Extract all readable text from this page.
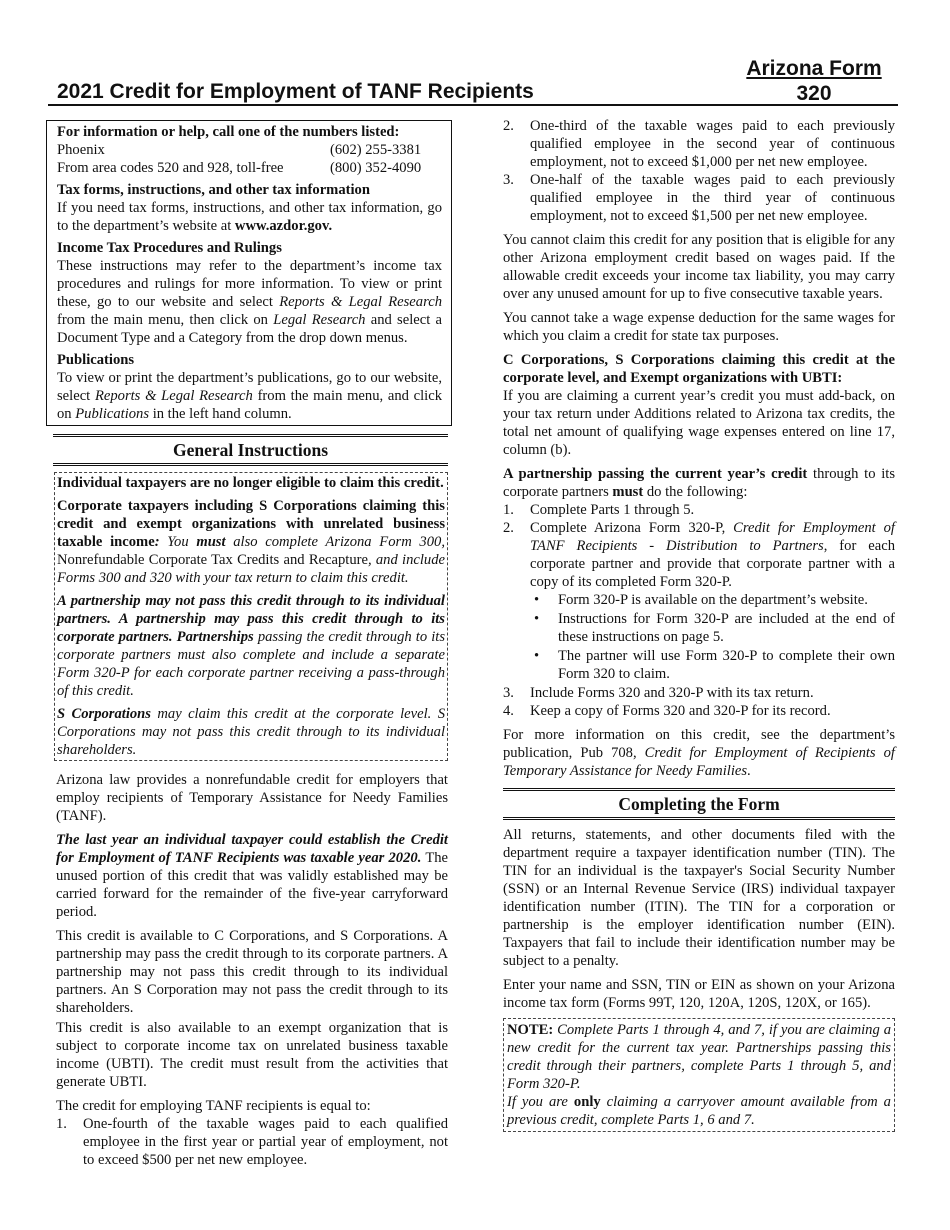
Arizona Form
320
2021 Credit for Employment of TANF Recipients

For information or help, call one of the numbers listed:

Phoenix	(602) 255-3381
From area codes 520 and 928, toll-free	(800) 352-4090

Tax forms, instructions, and other tax information

If you need tax forms, instructions, and other tax information, go to the department’s website at www.azdor.gov.

Income Tax Procedures and Rulings

These instructions may refer to the department’s income tax procedures and rulings for more information. To view or print these, go to our website and select Reports & Legal Research from the main menu, then click on Legal Research and select a Document Type and a Category from the drop down menus.

Publications

To view or print the department’s publications, go to our website, select Reports & Legal Research from the main menu, and click on Publications in the left hand column.

General Instructions

Individual taxpayers are no longer eligible to claim this credit.

Corporate taxpayers including S Corporations claiming this credit and exempt organizations with unrelated business taxable income: You must also complete Arizona Form 300, Nonrefundable Corporate Tax Credits and Recapture, and include Forms 300 and 320 with your tax return to claim this credit.

A partnership may not pass this credit through to its individual partners. A partnership may pass this credit through to its corporate partners. Partnerships passing the credit through to its corporate partners must also complete and include a separate Form 320-P for each corporate partner receiving a pass-through of this credit.

S Corporations may claim this credit at the corporate level. S Corporations may not pass this credit through to its individual shareholders.

Arizona law provides a nonrefundable credit for employers that employ recipients of Temporary Assistance for Needy Families (TANF).

The last year an individual taxpayer could establish the Credit for Employment of TANF Recipients was taxable year 2020. The unused portion of this credit that was validly established may be carried forward for the remainder of the five-year carryforward period.

This credit is available to C Corporations, and S Corporations. A partnership may pass the credit through to its corporate partners. A partnership may not pass this credit through to its individual partners. An S Corporation may not pass the credit through to its shareholders.

This credit is also available to an exempt organization that is subject to corporate income tax on unrelated business taxable income (UBTI). The credit must result from the activities that generate UBTI.

The credit for employing TANF recipients is equal to:

1. One-fourth of the taxable wages paid to each qualified employee in the first year or partial year of employment, not to exceed $500 per net new employee.
2. One-third of the taxable wages paid to each previously qualified employee in the second year of continuous employment, not to exceed $1,000 per net new employee.
3. One-half of the taxable wages paid to each previously qualified employee in the third year of continuous employment, not to exceed $1,500 per net new employee.

You cannot claim this credit for any position that is eligible for any other Arizona employment credit based on wages paid. If the allowable credit exceeds your income tax liability, you may carry over any unused amount for up to five consecutive taxable years.

You cannot take a wage expense deduction for the same wages for which you claim a credit for state tax purposes.

C Corporations, S Corporations claiming this credit at the corporate level, and Exempt organizations with UBTI:
If you are claiming a current year’s credit you must add-back, on your tax return under Additions related to Arizona tax credits, the total net amount of qualifying wage expenses entered on line 17, column (b).

A partnership passing the current year’s credit through to its corporate partners must do the following:

1. Complete Parts 1 through 5.
2. Complete Arizona Form 320-P, Credit for Employment of TANF Recipients - Distribution to Partners, for each corporate partner and provide that corporate partner with a copy of its completed Form 320-P.
• Form 320-P is available on the department’s website.
• Instructions for Form 320-P are included at the end of these instructions on page 5.
• The partner will use Form 320-P to complete their own Form 320 to claim.
3. Include Forms 320 and 320-P with its tax return.
4. Keep a copy of Forms 320 and 320-P for its record.

For more information on this credit, see the department’s publication, Pub 708, Credit for Employment of Recipients of Temporary Assistance for Needy Families.

Completing the Form

All returns, statements, and other documents filed with the department require a taxpayer identification number (TIN). The TIN for an individual is the taxpayer's Social Security Number (SSN) or an Internal Revenue Service (IRS) individual taxpayer identification number (ITIN). The TIN for a corporation or partnership is the employer identification number (EIN). Taxpayers that fail to include their identification number may be subject to a penalty.

Enter your name and SSN, TIN or EIN as shown on your Arizona income tax form (Forms 99T, 120, 120A, 120S, 120X, or 165).

NOTE: Complete Parts 1 through 4, and 7, if you are claiming a new credit for the current tax year. Partnerships passing this credit through their partners, complete Parts 1 through 5, and Form 320-P.

If you are only claiming a carryover amount available from a previous credit, complete Parts 1, 6 and 7.
